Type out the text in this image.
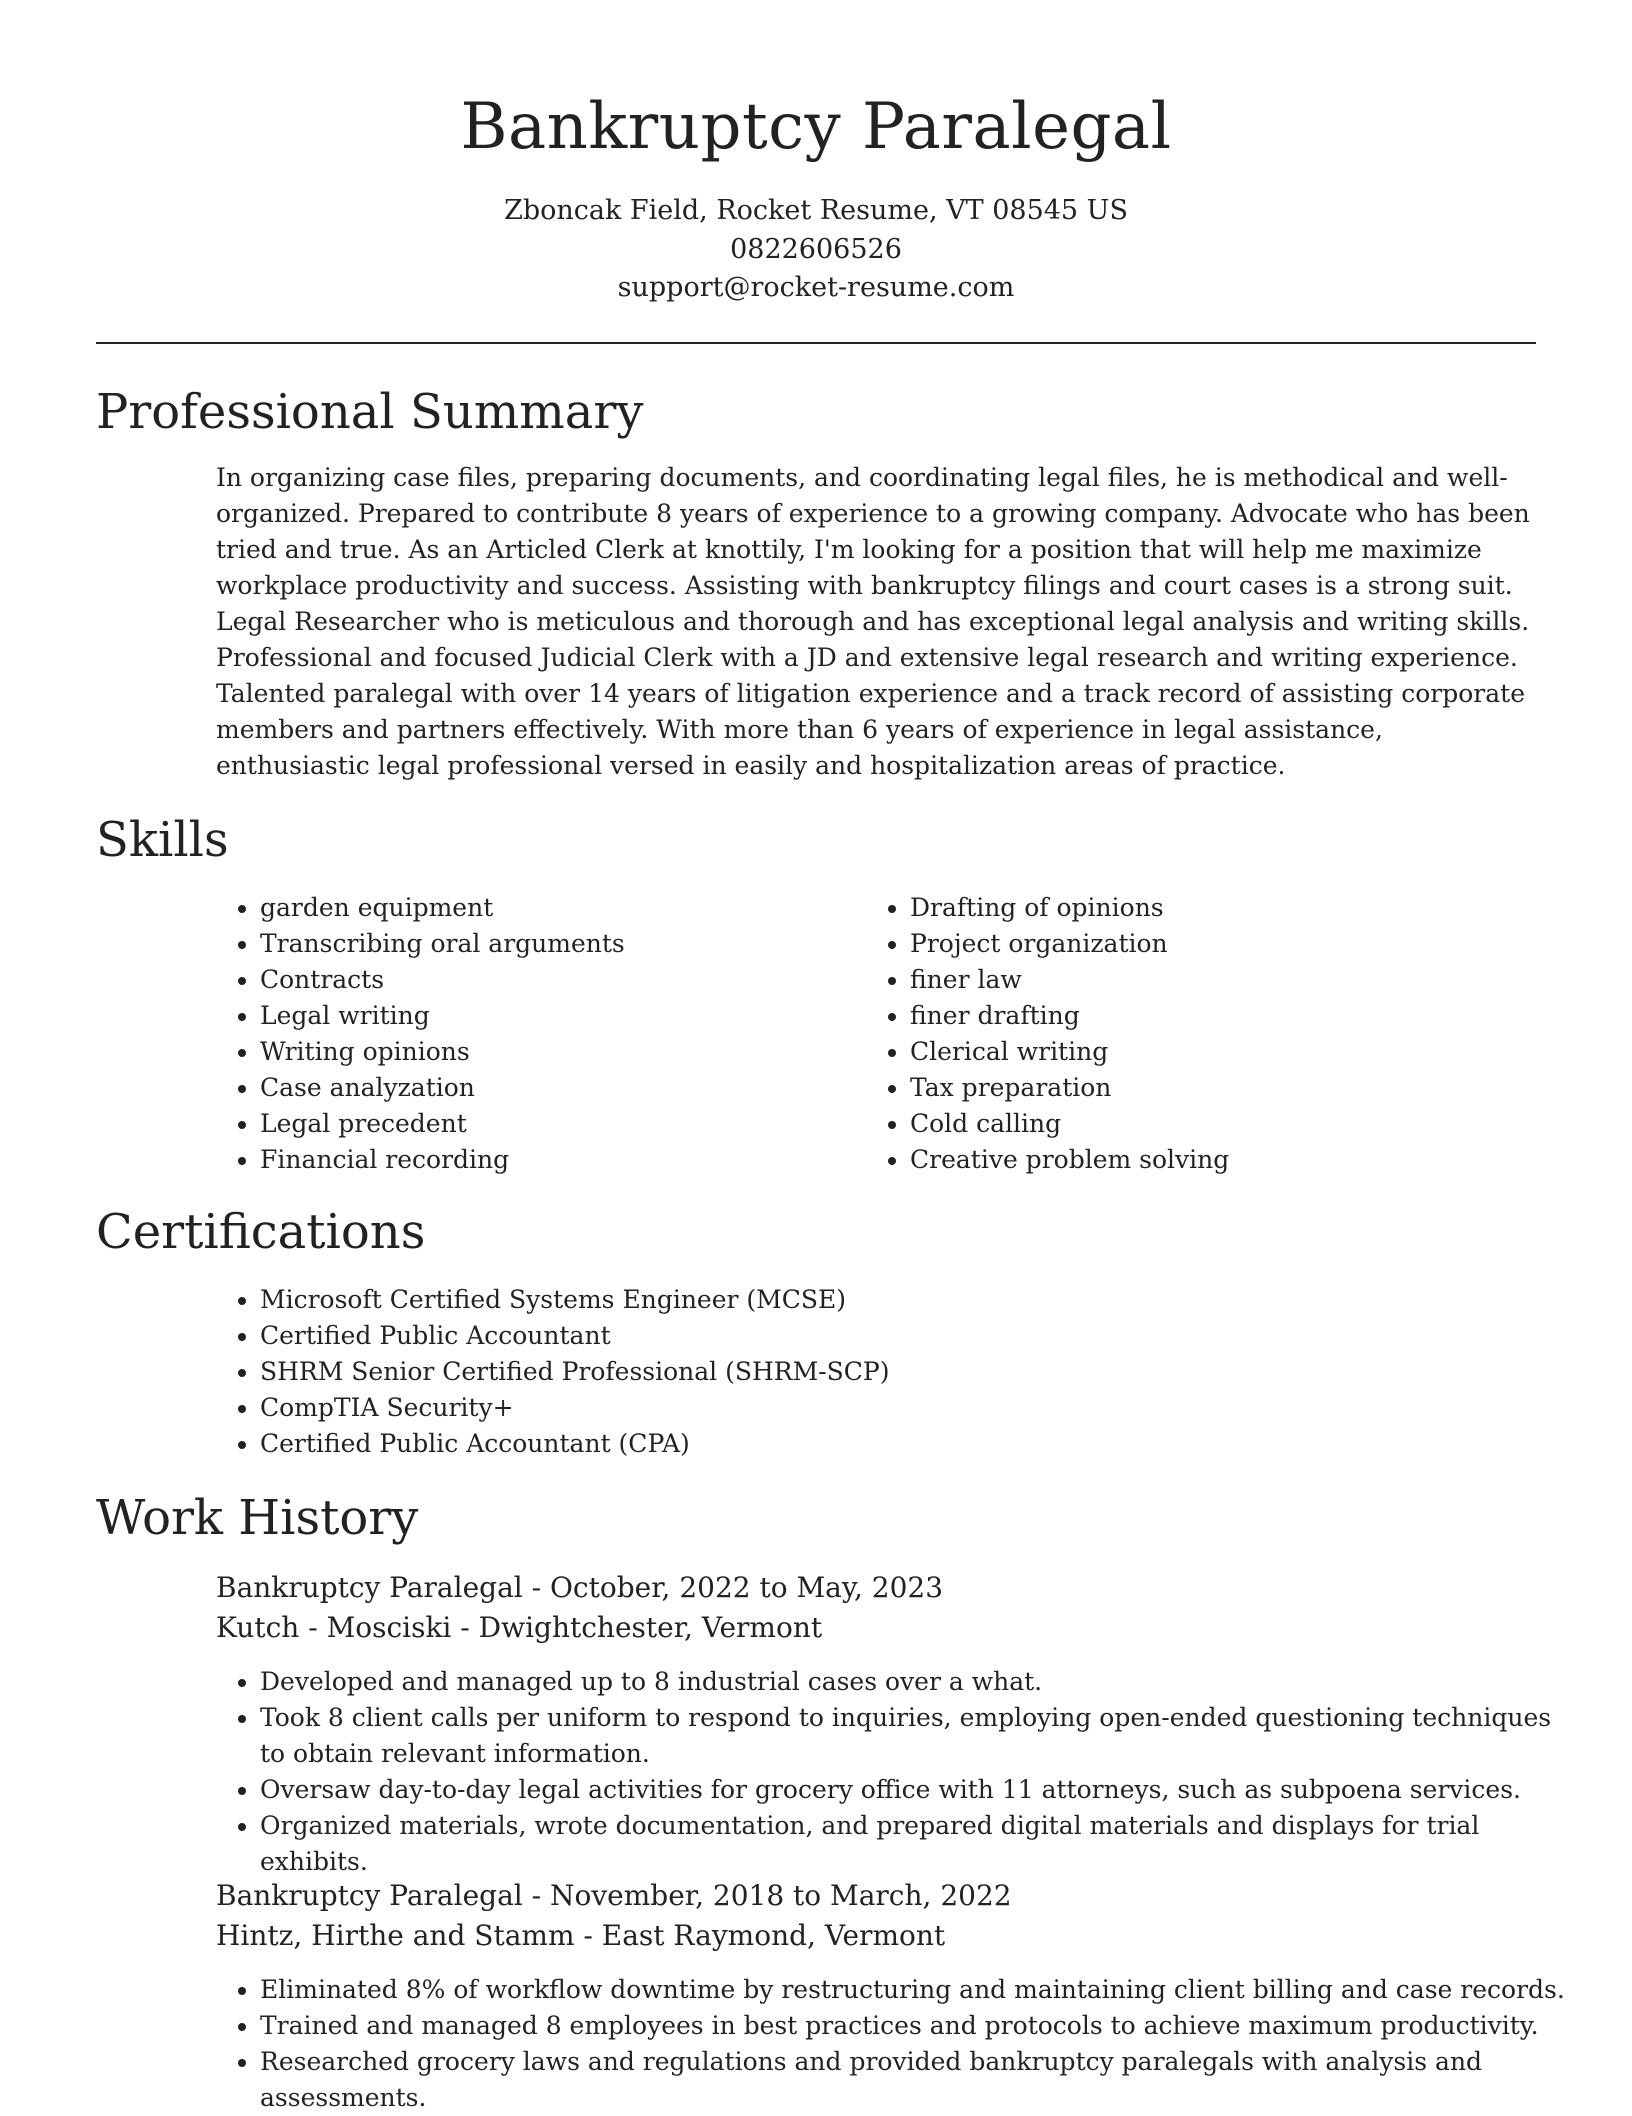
Bankruptcy Paralegal
Zboncak Field, Rocket Resume, VT 08545 US
0822606526
support@rocket-resume.com
Professional Summary

In organizing case files, preparing documents, and coordinating legal files, he is methodical and well-organized. Prepared to contribute 8 years of experience to a growing company. Advocate who has been tried and true. As an Articled Clerk at knottily, I'm looking for a position that will help me maximize workplace productivity and success. Assisting with bankruptcy filings and court cases is a strong suit. Legal Researcher who is meticulous and thorough and has exceptional legal analysis and writing skills. Professional and focused Judicial Clerk with a JD and extensive legal research and writing experience. Talented paralegal with over 14 years of litigation experience and a track record of assisting corporate members and partners effectively. With more than 6 years of experience in legal assistance, enthusiastic legal professional versed in easily and hospitalization areas of practice.

Skills
• garden equipment
• Transcribing oral arguments
• Contracts
• Legal writing
• Writing opinions
• Case analyzation
• Legal precedent
• Financial recording
• Drafting of opinions
• Project organization
• finer law
• finer drafting
• Clerical writing
• Tax preparation
• Cold calling
• Creative problem solving
Certifications
• Microsoft Certified Systems Engineer (MCSE)
• Certified Public Accountant
• SHRM Senior Certified Professional (SHRM-SCP)
• CompTIA Security+
• Certified Public Accountant (CPA)
Work History
Bankruptcy Paralegal - October, 2022 to May, 2023
Kutch - Mosciski - Dwightchester, Vermont
• Developed and managed up to 8 industrial cases over a what.
• Took 8 client calls per uniform to respond to inquiries, employing open-ended questioning techniques to obtain relevant information.
• Oversaw day-to-day legal activities for grocery office with 11 attorneys, such as subpoena services.
• Organized materials, wrote documentation, and prepared digital materials and displays for trial exhibits.
Bankruptcy Paralegal - November, 2018 to March, 2022
Hintz, Hirthe and Stamm - East Raymond, Vermont
• Eliminated 8% of workflow downtime by restructuring and maintaining client billing and case records.
• Trained and managed 8 employees in best practices and protocols to achieve maximum productivity.
• Researched grocery laws and regulations and provided bankruptcy paralegals with analysis and assessments.
